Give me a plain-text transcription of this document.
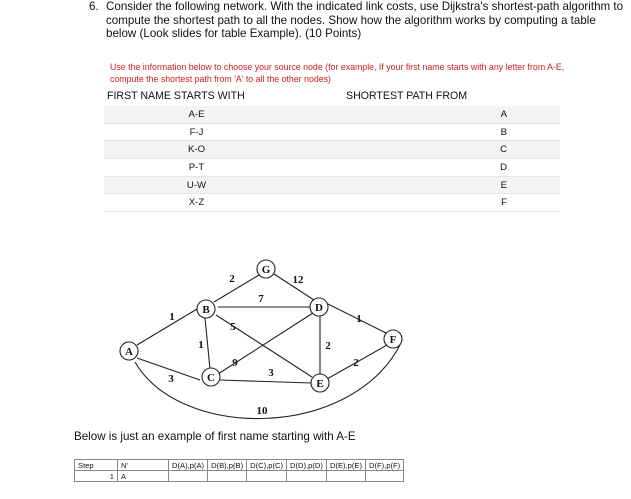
6. Consider the following network. With the indicated link costs, use Dijkstra's shortest-path algorithm to compute the shortest path to all the nodes. Show how the algorithm works by computing a table below (Look slides for table Example). (10 Points)
Use the information below to choose your source node (for example, If your first name starts with any letter from A-E, compute the shortest path from 'A' to all the other nodes)
FIRST NAME STARTS WITH	SHORTEST PATH FROM
A-E	A
F-J	B
K-O	C
P-T	D
U-W	E
X-Z	F
A
B
C
D
E
F
G
1
3
1
2	12
7
5
9
3
2
1
2
10
Below is just an example of first name starting with A-E
Step	N'	D(A),p(A)	D(B),p(B)	D(C),p(C)	D(D),p(D)	D(E),p(E)	D(F),p(F)
1	A						
